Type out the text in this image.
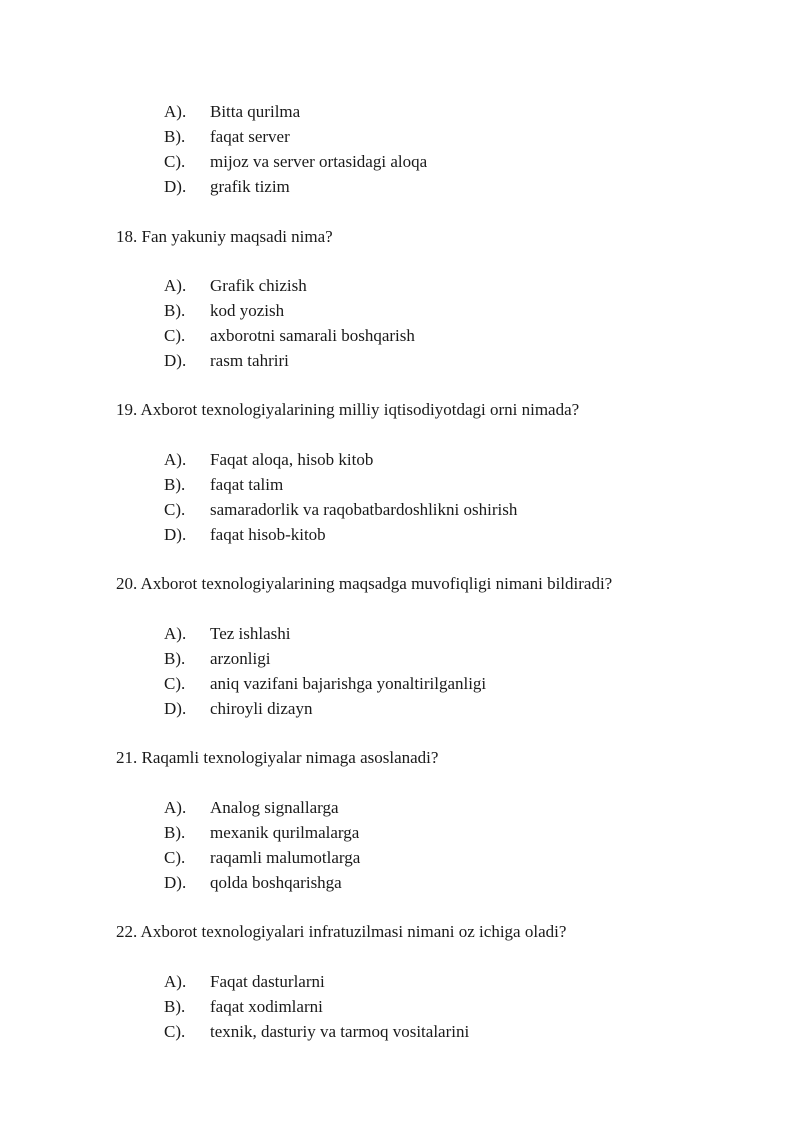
A). Bitta qurilma
B). faqat server
C). mijoz va server ortasidagi aloqa
D). grafik tizim
18. Fan yakuniy maqsadi nima?
A). Grafik chizish
B). kod yozish
C). axborotni samarali boshqarish
D). rasm tahriri
19. Axborot texnologiyalarining milliy iqtisodiyotdagi orni nimada?
A). Faqat aloqa, hisob kitob
B). faqat talim
C). samaradorlik va raqobatbardoshlikni oshirish
D). faqat hisob-kitob
20. Axborot texnologiyalarining maqsadga muvofiqligi nimani bildiradi?
A). Tez ishlashi
B). arzonligi
C). aniq vazifani bajarishga yonaltirilganligi
D). chiroyli dizayn
21. Raqamli texnologiyalar nimaga asoslanadi?
A). Analog signallarga
B). mexanik qurilmalarga
C). raqamli malumotlarga
D). qolda boshqarishga
22. Axborot texnologiyalari infratuzilmasi nimani oz ichiga oladi?
A). Faqat dasturlarni
B). faqat xodimlarni
C). texnik, dasturiy va tarmoq vositalarini
